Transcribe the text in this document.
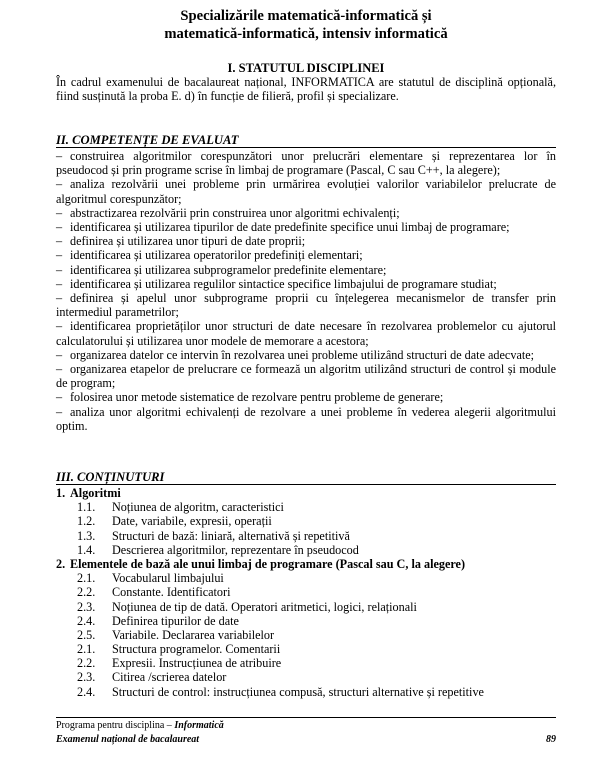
Specializările matematică-informatică și
matematică-informatică, intensiv informatică
I. STATUTUL DISCIPLINEI
În cadrul examenului de bacalaureat național, INFORMATICA are statutul de disciplină opțională, fiind susținută la proba E. d) în funcție de filieră, profil și specializare.
II. COMPETENȚE DE EVALUAT
– construirea algoritmilor corespunzători unor prelucrări elementare și reprezentarea lor în pseudocod și prin programe scrise în limbaj de programare (Pascal, C sau C++, la alegere);
– analiza rezolvării unei probleme prin urmărirea evoluției valorilor variabilelor prelucrate de algoritmul corespunzător;
– abstractizarea rezolvării prin construirea unor algoritmi echivalenți;
– identificarea și utilizarea tipurilor de date predefinite specifice unui limbaj de programare;
– definirea și utilizarea unor tipuri de date proprii;
– identificarea și utilizarea operatorilor predefiniți elementari;
– identificarea și utilizarea subprogramelor predefinite elementare;
– identificarea și utilizarea regulilor sintactice specifice limbajului de programare studiat;
– definirea și apelul unor subprograme proprii cu înțelegerea mecanismelor de transfer prin intermediul parametrilor;
– identificarea proprietăților unor structuri de date necesare în rezolvarea problemelor cu ajutorul calculatorului și utilizarea unor modele de memorare a acestora;
– organizarea datelor ce intervin în rezolvarea unei probleme utilizând structuri de date adecvate;
– organizarea etapelor de prelucrare ce formează un algoritm utilizând structuri de control și module de program;
– folosirea unor metode sistematice de rezolvare pentru probleme de generare;
– analiza unor algoritmi echivalenți de rezolvare a unei probleme în vederea alegerii algoritmului optim.
III. CONȚINUTURI
1. Algoritmi
1.1. Noțiunea de algoritm, caracteristici
1.2. Date, variabile, expresii, operații
1.3. Structuri de bază: liniară, alternativă și repetitivă
1.4. Descrierea algoritmilor, reprezentare în pseudocod
2. Elementele de bază ale unui limbaj de programare (Pascal sau C, la alegere)
2.1. Vocabularul limbajului
2.2. Constante. Identificatori
2.3. Noțiunea de tip de dată. Operatori aritmetici, logici, relaționali
2.4. Definirea tipurilor de date
2.5. Variabile. Declararea variabilelor
2.1. Structura programelor. Comentarii
2.2. Expresii. Instrucțiunea de atribuire
2.3. Citirea /scrierea datelor
2.4. Structuri de control: instrucțiunea compusă, structuri alternative și repetitive
Programa pentru disciplina – Informatică
Examenul național de bacalaureat	89
